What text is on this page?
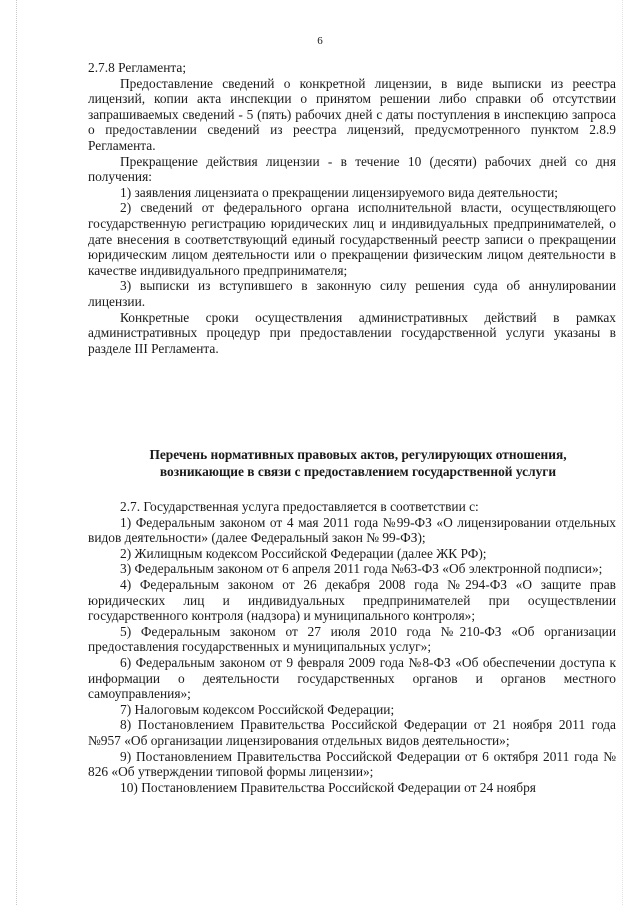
6

2.7.8 Регламента;

Предоставление сведений о конкретной лицензии, в виде выписки из реестра лицензий, копии акта инспекции о принятом решении либо справки об отсутствии запрашиваемых сведений - 5 (пять) рабочих дней с даты поступления в инспекцию запроса о предоставлении сведений из реестра лицензий, предусмотренного пунктом 2.8.9 Регламента.

Прекращение действия лицензии - в течение 10 (десяти) рабочих дней со дня получения:

1) заявления лицензиата о прекращении лицензируемого вида деятельности;

2) сведений от федерального органа исполнительной власти, осуществляющего государственную регистрацию юридических лиц и индивидуальных предпринимателей, о дате внесения в соответствующий единый государственный реестр записи о прекращении юридическим лицом деятельности или о прекращении физическим лицом деятельности в качестве индивидуального предпринимателя;

3) выписки из вступившего в законную силу решения суда об аннулировании лицензии.

Конкретные сроки осуществления административных действий в рамках административных процедур при предоставлении государственной услуги указаны в разделе III Регламента.

Перечень нормативных правовых актов, регулирующих отношения,
возникающие в связи с предоставлением государственной услуги

2.7. Государственная услуга предоставляется в соответствии с:

1) Федеральным законом от 4 мая 2011 года №99-ФЗ «О лицензировании отдельных видов деятельности» (далее Федеральный закон № 99-ФЗ);

2) Жилищным кодексом Российской Федерации (далее ЖК РФ);

3) Федеральным законом от 6 апреля 2011 года №63-ФЗ «Об электронной подписи»;

4) Федеральным законом от 26 декабря 2008 года №294-ФЗ «О защите прав юридических лиц и индивидуальных предпринимателей при осуществлении государственного контроля (надзора) и муниципального контроля»;

5) Федеральным законом от 27 июля 2010 года №210-ФЗ «Об организации предоставления государственных и муниципальных услуг»;

6) Федеральным законом от 9 февраля 2009 года №8-ФЗ «Об обеспечении доступа к информации о деятельности государственных органов и органов местного самоуправления»;

7) Налоговым кодексом Российской Федерации;

8) Постановлением Правительства Российской Федерации от 21 ноября 2011 года №957 «Об организации лицензирования отдельных видов деятельности»;

9) Постановлением Правительства Российской Федерации от 6 октября 2011 года № 826 «Об утверждении типовой формы лицензии»;

10) Постановлением Правительства Российской Федерации от 24 ноября
